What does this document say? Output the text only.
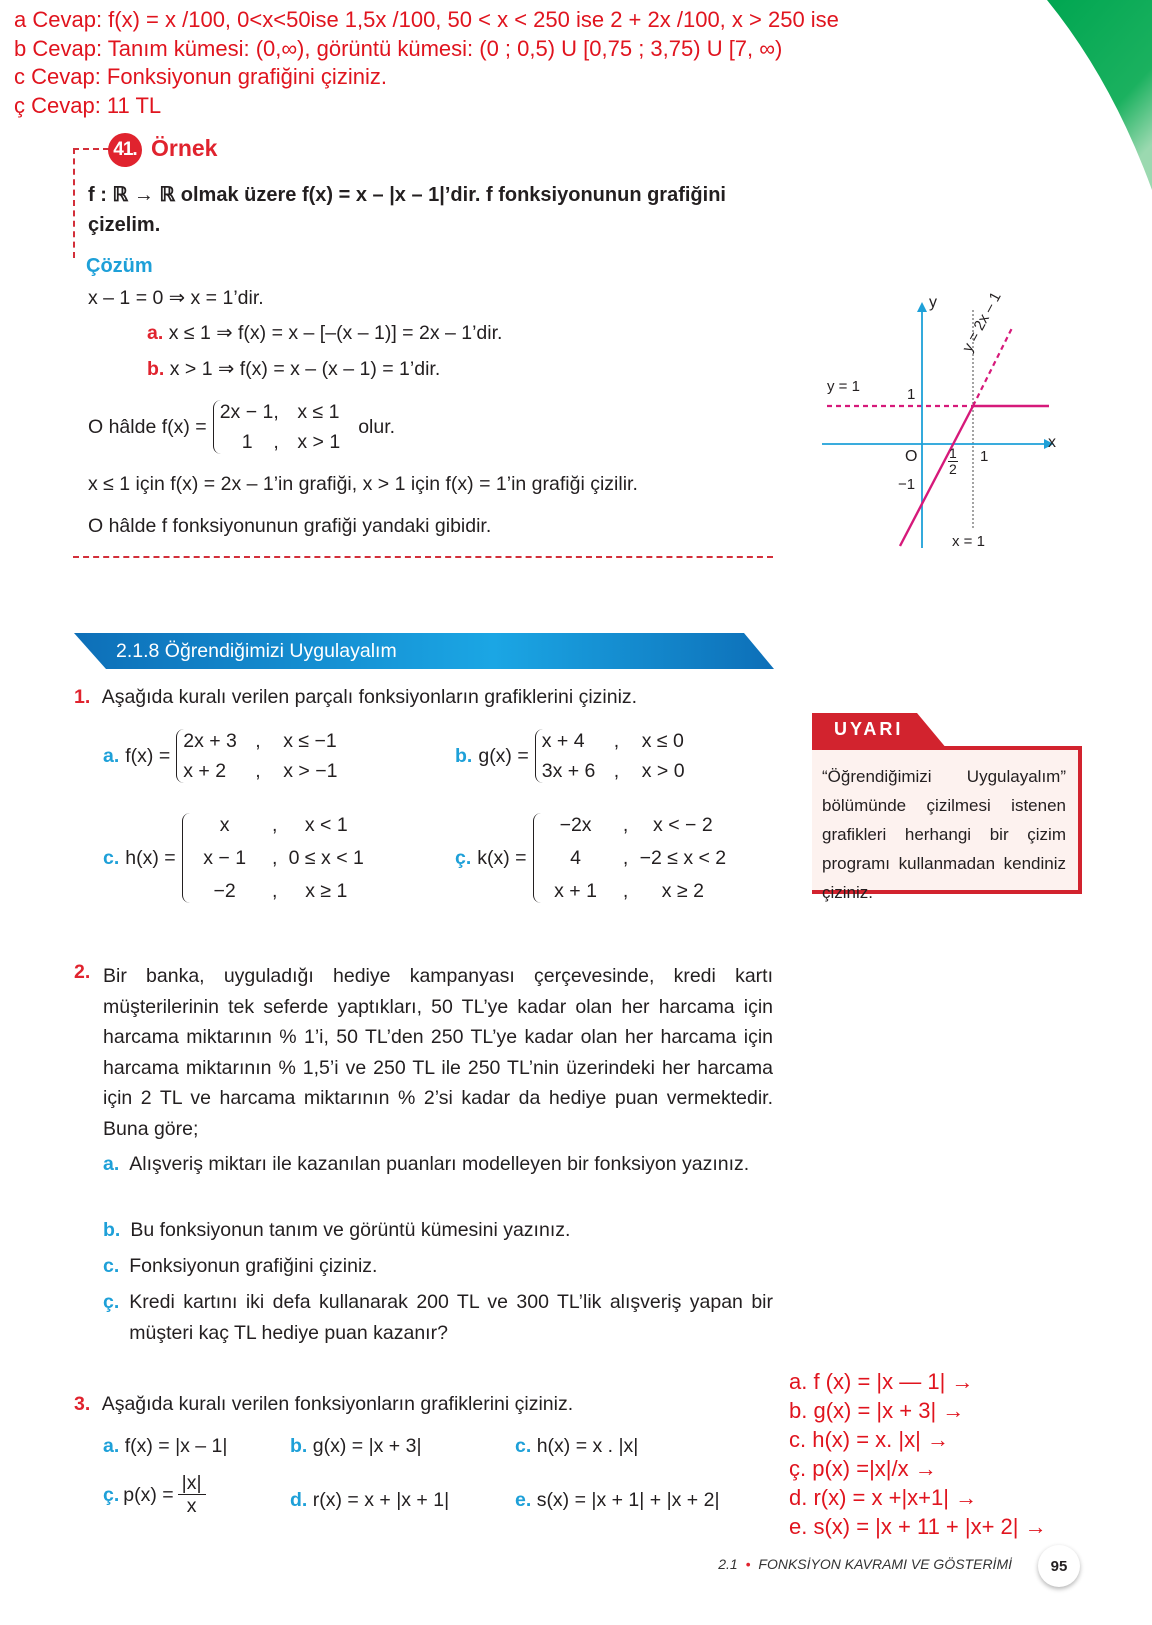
a Cevap: f(x) = x /100, 0<x<50ise 1,5x /100, 50 < x < 250 ise 2 + 2x /100, x > 250 ise
b Cevap: Tanım kümesi: (0,∞), görüntü kümesi: (0 ; 0,5) U [0,75 ; 3,75) U [7, ∞)
c Cevap: Fonksiyonun grafiğini çiziniz.
ç Cevap: 11 TL
41. Örnek
f : ℝ → ℝ olmak üzere f(x) = x – |x – 1|’dir. f fonksiyonunun grafiğini
çizelim.
Çözüm
x – 1 = 0 ⇒ x = 1’dir.
a. x ≤ 1 ⇒ f(x) = x – [–(x – 1)] = 2x – 1’dir.
b. x > 1 ⇒ f(x) = x – (x – 1) = 1’dir.
O hâlde f(x) =
2x − 1 , x ≤ 1
1	, x > 1
olur.
x ≤ 1 için f(x) = 2x – 1’in grafiği, x > 1 için f(x) = 1’in grafiği çizilir.
O hâlde f fonksiyonunun grafiği yandaki gibidir.
y
x
y = 1	1
O $\frac{1}{2} 1$
−1
y = 2x – 1
x = 1
2.1.8 Öğrendiğimizi Uygulayalım
1. Aşağıda kuralı verilen parçalı fonksiyonların grafiklerini çiziniz.
a. f(x) =
2x + 3 ,	x ≤ −1
x + 2	,	x > −1
b. g(x) =
x + 4	,	x ≤ 0
3x + 6 ,	x > 0
c. h(x) =
x , x < 1
x − 1 , 0 ≤ x < 1
−2 , x ≥ 1
ç. k(x) =
−2x , x < − 2
4 , −2 ≤ x < 2
x + 1 , x ≥ 2
UYARI
“Öğrendiğimizi Uygulayalım” bölümünde çizilmesi istenen grafikleri herhangi bir çizim programı kullanmadan kendiniz çiziniz.
2. Bir banka, uyguladığı hediye kampanyası çerçevesinde, kredi kartı müşterilerinin tek seferde yaptıkları, 50 TL’ye kadar olan her harcama için harcama miktarının % 1’i, 50 TL’den 250 TL’ye kadar olan her harcama için harcama miktarının % 1,5’i ve 250 TL ile 250 TL’nin üzerindeki her harcama için 2 TL ve harcama miktarının % 2’si kadar da hediye puan vermektedir. Buna göre;
a. Alışveriş miktarı ile kazanılan puanları modelleyen bir fonksiyon yazınız.
b. Bu fonksiyonun tanım ve görüntü kümesini yazınız.
c. Fonksiyonun grafiğini çiziniz.
ç. Kredi kartını iki defa kullanarak 200 TL ve 300 TL’lik alışveriş yapan bir müşteri kaç TL hediye puan kazanır?
3. Aşağıda kuralı verilen fonksiyonların grafiklerini çiziniz.
a. f(x) = |x – 1|	b. g(x) = |x + 3|	c. h(x) = x . |x|
ç. $p(x) = \frac{|x|}{x}$	d. r(x) = x + |x + 1|	e. s(x) = |x + 1| + |x + 2|
a. f (x) = |x — 1| →
b. g(x) = |x + 3| →
c. h(x) = x. |x| →
ç. p(x) =|x|/x →
d. r(x) = x +|x+1| →
e. s(x) = |x + 11 + |x+ 2| →
2.1 • FONKSİYON KAVRAMI VE GÖSTERİMİ	95
